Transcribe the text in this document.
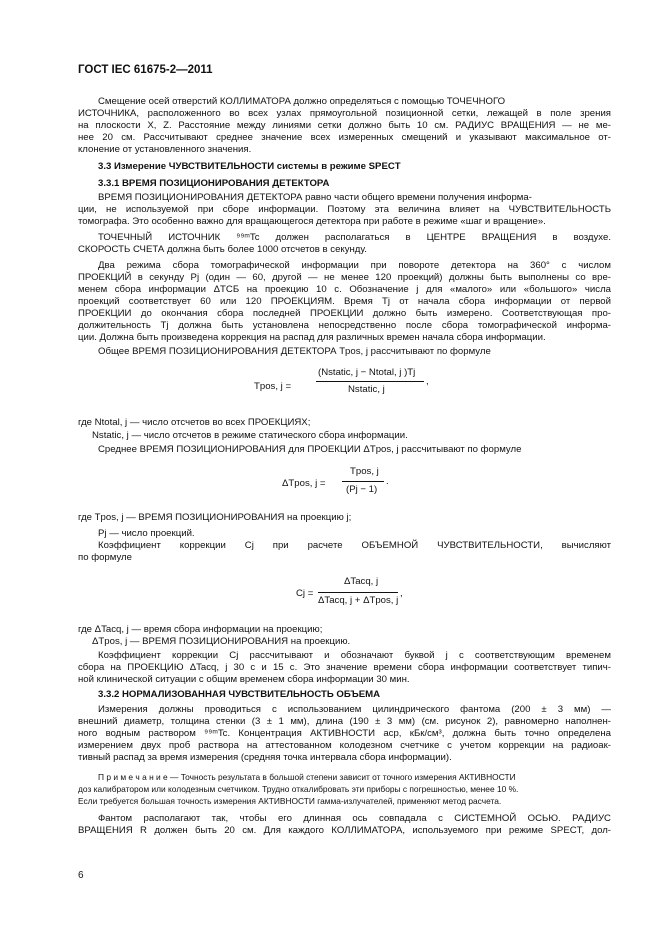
ГОСТ IEC 61675-2—2011
Смещение осей отверстий КОЛЛИМАТОРА должно определяться с помощью ТОЧЕЧНОГО
ИСТОЧНИКА, расположенного во всех узлах прямоугольной позиционной сетки, лежащей в поле зрения
на плоскости X, Z. Расстояние между линиями сетки должно быть 10 см. РАДИУС ВРАЩЕНИЯ — не ме-
нее 20 см. Рассчитывают среднее значение всех измеренных смещений и указывают максимальное от-
клонение от установленного значения.
3.3 Измерение ЧУВСТВИТЕЛЬНОСТИ системы в режиме SPECT
3.3.1 ВРЕМЯ ПОЗИЦИОНИРОВАНИЯ ДЕТЕКТОРА
ВРЕМЯ ПОЗИЦИОНИРОВАНИЯ ДЕТЕКТОРА равно части общего времени получения информа-
ции, не используемой при сборе информации. Поэтому эта величина влияет на ЧУВСТВИТЕЛЬНОСТЬ
томографа. Это особенно важно для вращающегося детектора при работе в режиме «шаг и вращение».
ТОЧЕЧНЫЙ ИСТОЧНИК ⁹⁹ᵐTc должен располагаться в ЦЕНТРЕ ВРАЩЕНИЯ в воздухе.
СКОРОСТЬ СЧЕТА должна быть более 1000 отсчетов в секунду.
Два режима сбора томографической информации при повороте детектора на 360° с числом
ПРОЕКЦИЙ в секунду Pj (один — 60, другой — не менее 120 проекций) должны быть выполнены со вре-
менем сбора информации ΔTСБ на проекцию 10 с. Обозначение j для «малого» или «большого» числа
проекций соответствует 60 или 120 ПРОЕКЦИЯМ. Время Tj от начала сбора информации от первой
ПРОЕКЦИИ до окончания сбора последней ПРОЕКЦИИ должно быть измерено. Соответствующая про-
должительность Tj должна быть установлена непосредственно после сбора томографической информа-
ции. Должна быть произведена коррекция на распад для различных времен начала сбора информации.
Общее ВРЕМЯ ПОЗИЦИОНИРОВАНИЯ ДЕТЕКТОРА Tpos, j рассчитывают по формуле
Tpos, j =
(Nstatic, j − Ntotal, j )Tj
Nstatic, j
,
где Ntotal, j — число отсчетов во всех ПРОЕКЦИЯХ;
Nstatic, j — число отсчетов в режиме статического сбора информации.
Среднее ВРЕМЯ ПОЗИЦИОНИРОВАНИЯ для ПРОЕКЦИИ ΔTpos, j рассчитывают по формуле
ΔTpos, j =
Tpos, j
(Pj − 1)
.
где Tpos, j — ВРЕМЯ ПОЗИЦИОНИРОВАНИЯ на проекцию j;
Pj — число проекций.
Коэффициент коррекции Cj при расчете ОБЪЕМНОЙ ЧУВСТВИТЕЛЬНОСТИ, вычисляют
по формуле
Cj =
ΔTacq, j
ΔTacq, j + ΔTpos, j
,
где ΔTacq, j — время сбора информации на проекцию;
ΔTpos, j — ВРЕМЯ ПОЗИЦИОНИРОВАНИЯ на проекцию.
Коэффициент коррекции Cj рассчитывают и обозначают буквой j с соответствующим временем
сбора на ПРОЕКЦИЮ ΔTacq, j 30 с и 15 с. Это значение времени сбора информации соответствует типич-
ной клинической ситуации с общим временем сбора информации 30 мин.
3.3.2 НОРМАЛИЗОВАННАЯ ЧУВСТВИТЕЛЬНОСТЬ ОБЪЕМА
Измерения должны проводиться с использованием цилиндрического фантома (200 ± 3 мм) —
внешний диаметр, толщина стенки (3 ± 1 мм), длина (190 ± 3 мм) (см. рисунок 2), равномерно наполнен-
ного водным раствором ⁹⁹ᵐTc. Концентрация АКТИВНОСТИ acp, кБк/см³, должна быть точно определена
измерением двух проб раствора на аттестованном колодезном счетчике с учетом коррекции на радиоак-
тивный распад за время измерения (средняя точка интервала сбора информации).
П р и м е ч а н и е — Точность результата в большой степени зависит от точного измерения АКТИВНОСТИ
доз калибратором или колодезным счетчиком. Трудно откалибровать эти приборы с погрешностью, менее 10 %.
Если требуется большая точность измерения АКТИВНОСТИ гамма-излучателей, применяют метод расчета.
Фантом располагают так, чтобы его длинная ось совпадала с СИСТЕМНОЙ ОСЬЮ. РАДИУС
ВРАЩЕНИЯ R должен быть 20 см. Для каждого КОЛЛИМАТОРА, используемого при режиме SPECT, дол-
6
